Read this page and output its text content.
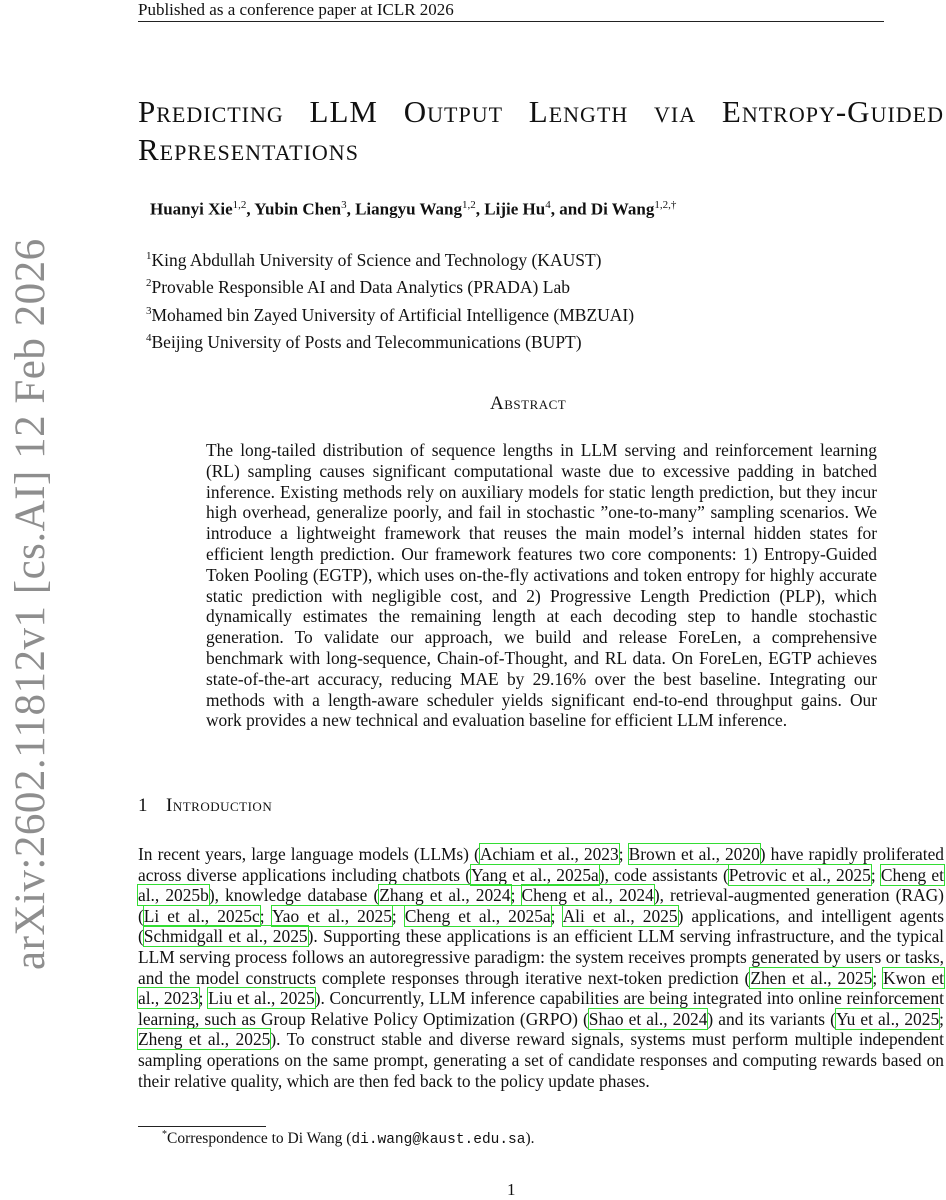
Published as a conference paper at ICLR 2026
arXiv:2602.11812v1 [cs.AI] 12 Feb 2026
Predicting LLM Output Length via Entropy-Guided Representations
Huanyi Xie$^{1,2}$, Yubin Chen$^3$, Liangyu Wang$^{1,2}$, Lijie Hu$^4$, and Di Wang$^{1,2,\dagger}$
$^1$King Abdullah University of Science and Technology (KAUST)
$^2$Provable Responsible AI and Data Analytics (PRADA) Lab
$^3$Mohamed bin Zayed University of Artificial Intelligence (MBZUAI)
$^4$Beijing University of Posts and Telecommunications (BUPT)
Abstract
The long-tailed distribution of sequence lengths in LLM serving and reinforcement learning (RL) sampling causes significant computational waste due to excessive padding in batched inference. Existing methods rely on auxiliary models for static length prediction, but they incur high overhead, generalize poorly, and fail in stochastic ”one-to-many” sampling scenarios. We introduce a lightweight framework that reuses the main model’s internal hidden states for efficient length prediction. Our framework features two core components: 1) Entropy-Guided Token Pooling (EGTP), which uses on-the-fly activations and token entropy for highly accurate static prediction with negligible cost, and 2) Progressive Length Prediction (PLP), which dynamically estimates the remaining length at each decoding step to handle stochastic generation. To validate our approach, we build and release ForeLen, a comprehensive benchmark with long-sequence, Chain-of-Thought, and RL data. On ForeLen, EGTP achieves state-of-the-art accuracy, reducing MAE by 29.16% over the best baseline. Integrating our methods with a length-aware scheduler yields significant end-to-end throughput gains. Our work provides a new technical and evaluation baseline for efficient LLM inference.
1 Introduction
In recent years, large language models (LLMs) (Achiam et al., 2023; Brown et al., 2020) have rapidly proliferated across diverse applications including chatbots (Yang et al., 2025a), code assistants (Petrovic et al., 2025; Cheng et al., 2025b), knowledge database (Zhang et al., 2024; Cheng et al., 2024), retrieval-augmented generation (RAG) (Li et al., 2025c; Yao et al., 2025; Cheng et al., 2025a; Ali et al., 2025) applications, and intelligent agents (Schmidgall et al., 2025). Supporting these applications is an efficient LLM serving infrastructure, and the typical LLM serving process follows an autoregressive paradigm: the system receives prompts generated by users or tasks, and the model constructs complete responses through iterative next-token prediction (Zhen et al., 2025; Kwon et al., 2023; Liu et al., 2025). Concurrently, LLM inference capabilities are being integrated into online reinforcement learning, such as Group Relative Policy Optimization (GRPO) (Shao et al., 2024) and its variants (Yu et al., 2025; Zheng et al., 2025). To construct stable and diverse reward signals, systems must perform multiple independent sampling operations on the same prompt, generating a set of candidate responses and computing rewards based on their relative quality, which are then fed back to the policy update phases.
*Correspondence to Di Wang (di.wang@kaust.edu.sa).
1
